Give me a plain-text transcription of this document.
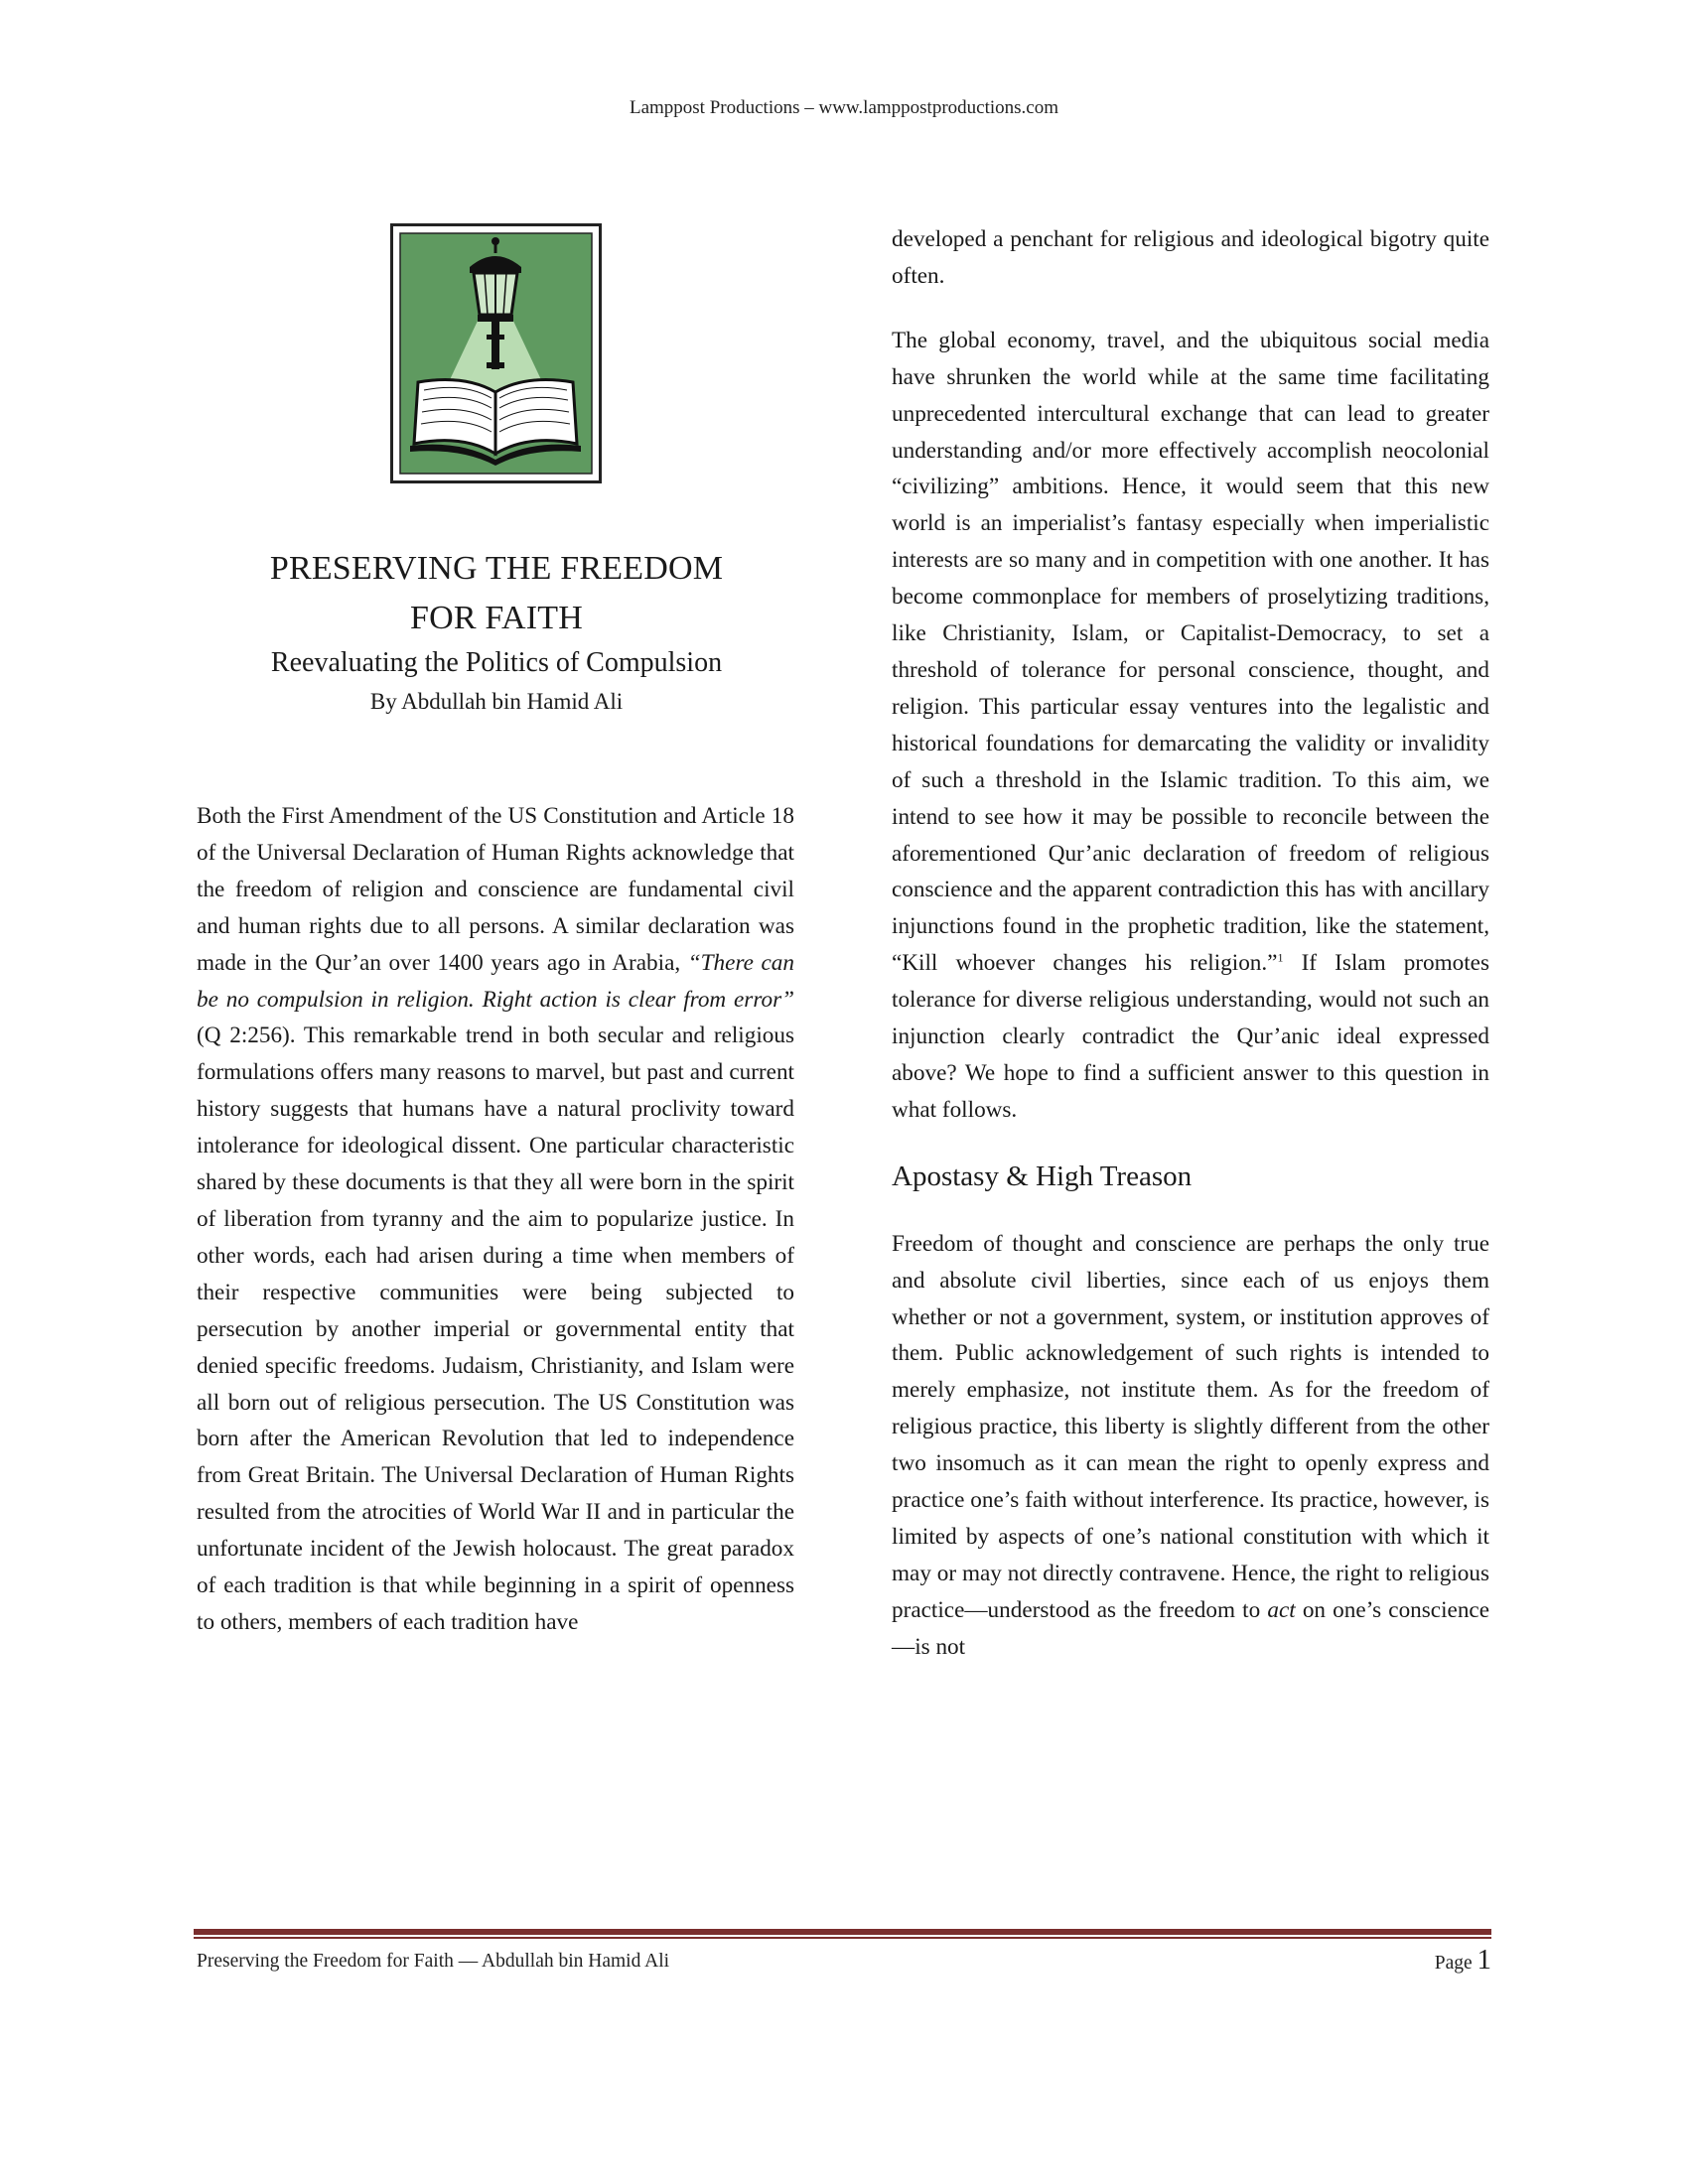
Lamppost Productions – www.lamppostproductions.com
PRESERVING THE FREEDOM
FOR FAITH
Reevaluating the Politics of Compulsion
By Abdullah bin Hamid Ali

Both the First Amendment of the US Constitution and Article 18 of the Universal Declaration of Human Rights acknowledge that the freedom of religion and conscience are fundamental civil and human rights due to all persons. A similar declaration was made in the Qur’an over 1400 years ago in Arabia, “There can be no compulsion in religion. Right action is clear from error” (Q 2:256). This remarkable trend in both secular and religious formulations offers many reasons to marvel, but past and current history suggests that humans have a natural proclivity toward intolerance for ideological dissent. One particular characteristic shared by these documents is that they all were born in the spirit of liberation from tyranny and the aim to popularize justice. In other words, each had arisen during a time when members of their respective communities were being subjected to persecution by another imperial or governmental entity that denied specific freedoms. Judaism, Christianity, and Islam were all born out of religious persecution. The US Constitution was born after the American Revolution that led to independence from Great Britain. The Universal Declaration of Human Rights resulted from the atrocities of World War II and in particular the unfortunate incident of the Jewish holocaust. The great paradox of each tradition is that while beginning in a spirit of openness to others, members of each tradition have

developed a penchant for religious and ideological bigotry quite often.

The global economy, travel, and the ubiquitous social media have shrunken the world while at the same time facilitating unprecedented intercultural exchange that can lead to greater understanding and/or more effectively accomplish neocolonial “civilizing” ambitions. Hence, it would seem that this new world is an imperialist’s fantasy especially when imperialistic interests are so many and in competition with one another. It has become commonplace for members of proselytizing traditions, like Christianity, Islam, or Capitalist-Democracy, to set a threshold of tolerance for personal conscience, thought, and religion. This particular essay ventures into the legalistic and historical foundations for demarcating the validity or invalidity of such a threshold in the Islamic tradition. To this aim, we intend to see how it may be possible to reconcile between the aforementioned Qur’anic declaration of freedom of religious conscience and the apparent contradiction this has with ancillary injunctions found in the prophetic tradition, like the statement, “Kill whoever changes his religion.”$^1$ If Islam promotes tolerance for diverse religious understanding, would not such an injunction clearly contradict the Qur’anic ideal expressed above? We hope to find a sufficient answer to this question in what follows.

Apostasy & High Treason

Freedom of thought and conscience are perhaps the only true and absolute civil liberties, since each of us enjoys them whether or not a government, system, or institution approves of them. Public acknowledgement of such rights is intended to merely emphasize, not institute them. As for the freedom of religious practice, this liberty is slightly different from the other two insomuch as it can mean the right to openly express and practice one’s faith without interference. Its practice, however, is limited by aspects of one’s national constitution with which it may or may not directly contravene. Hence, the right to religious practice—understood as the freedom to act on one’s conscience—is not

Preserving the Freedom for Faith — Abdullah bin Hamid Ali	Page 1
